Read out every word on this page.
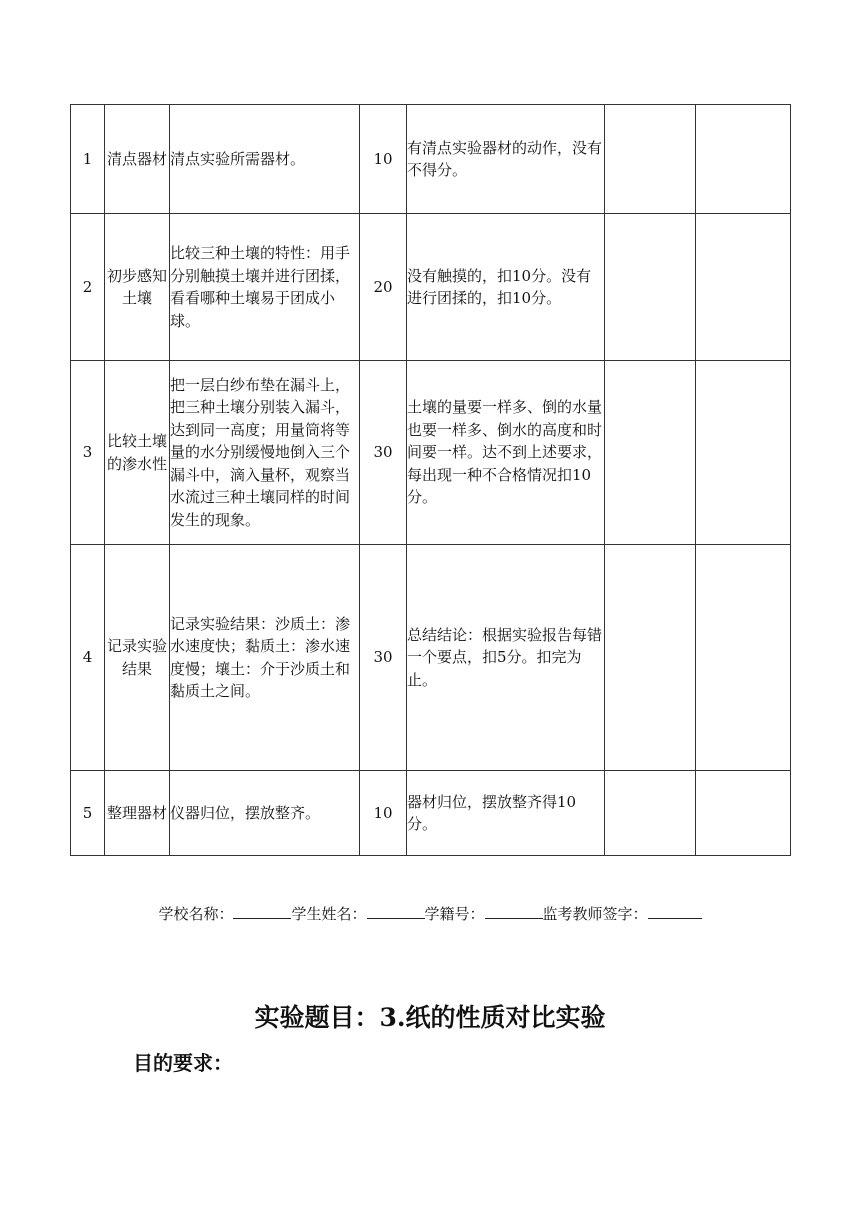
1	清点器材	清点实验所需器材。	10	有清点实验器材的动作，没有不得分。		
2	初步感知土壤	比较三种土壤的特性：用手分别触摸土壤并进行团揉，看看哪种土壤易于团成小球。	20	没有触摸的，扣10分。没有进行团揉的，扣10分。		
3	比较土壤的渗水性	把一层白纱布垫在漏斗上，把三种土壤分别装入漏斗，达到同一高度；用量筒将等量的水分别缓慢地倒入三个漏斗中，滴入量杯，观察当水流过三种土壤同样的时间发生的现象。	30	土壤的量要一样多、倒的水量也要一样多、倒水的高度和时间要一样。达不到上述要求，每出现一种不合格情况扣10分。		
4	记录实验结果	记录实验结果：沙质土：渗水速度快；黏质土：渗水速度慢；壤土：介于沙质土和黏质土之间。	30	总结结论：根据实验报告每错一个要点，扣5分。扣完为止。		
5	整理器材	仪器归位，摆放整齐。	10	器材归位，摆放整齐得10分。		
学校名称：	学生姓名：	学籍号：	监考教师签字：
实验题目：3.纸的性质对比实验
目的要求：
